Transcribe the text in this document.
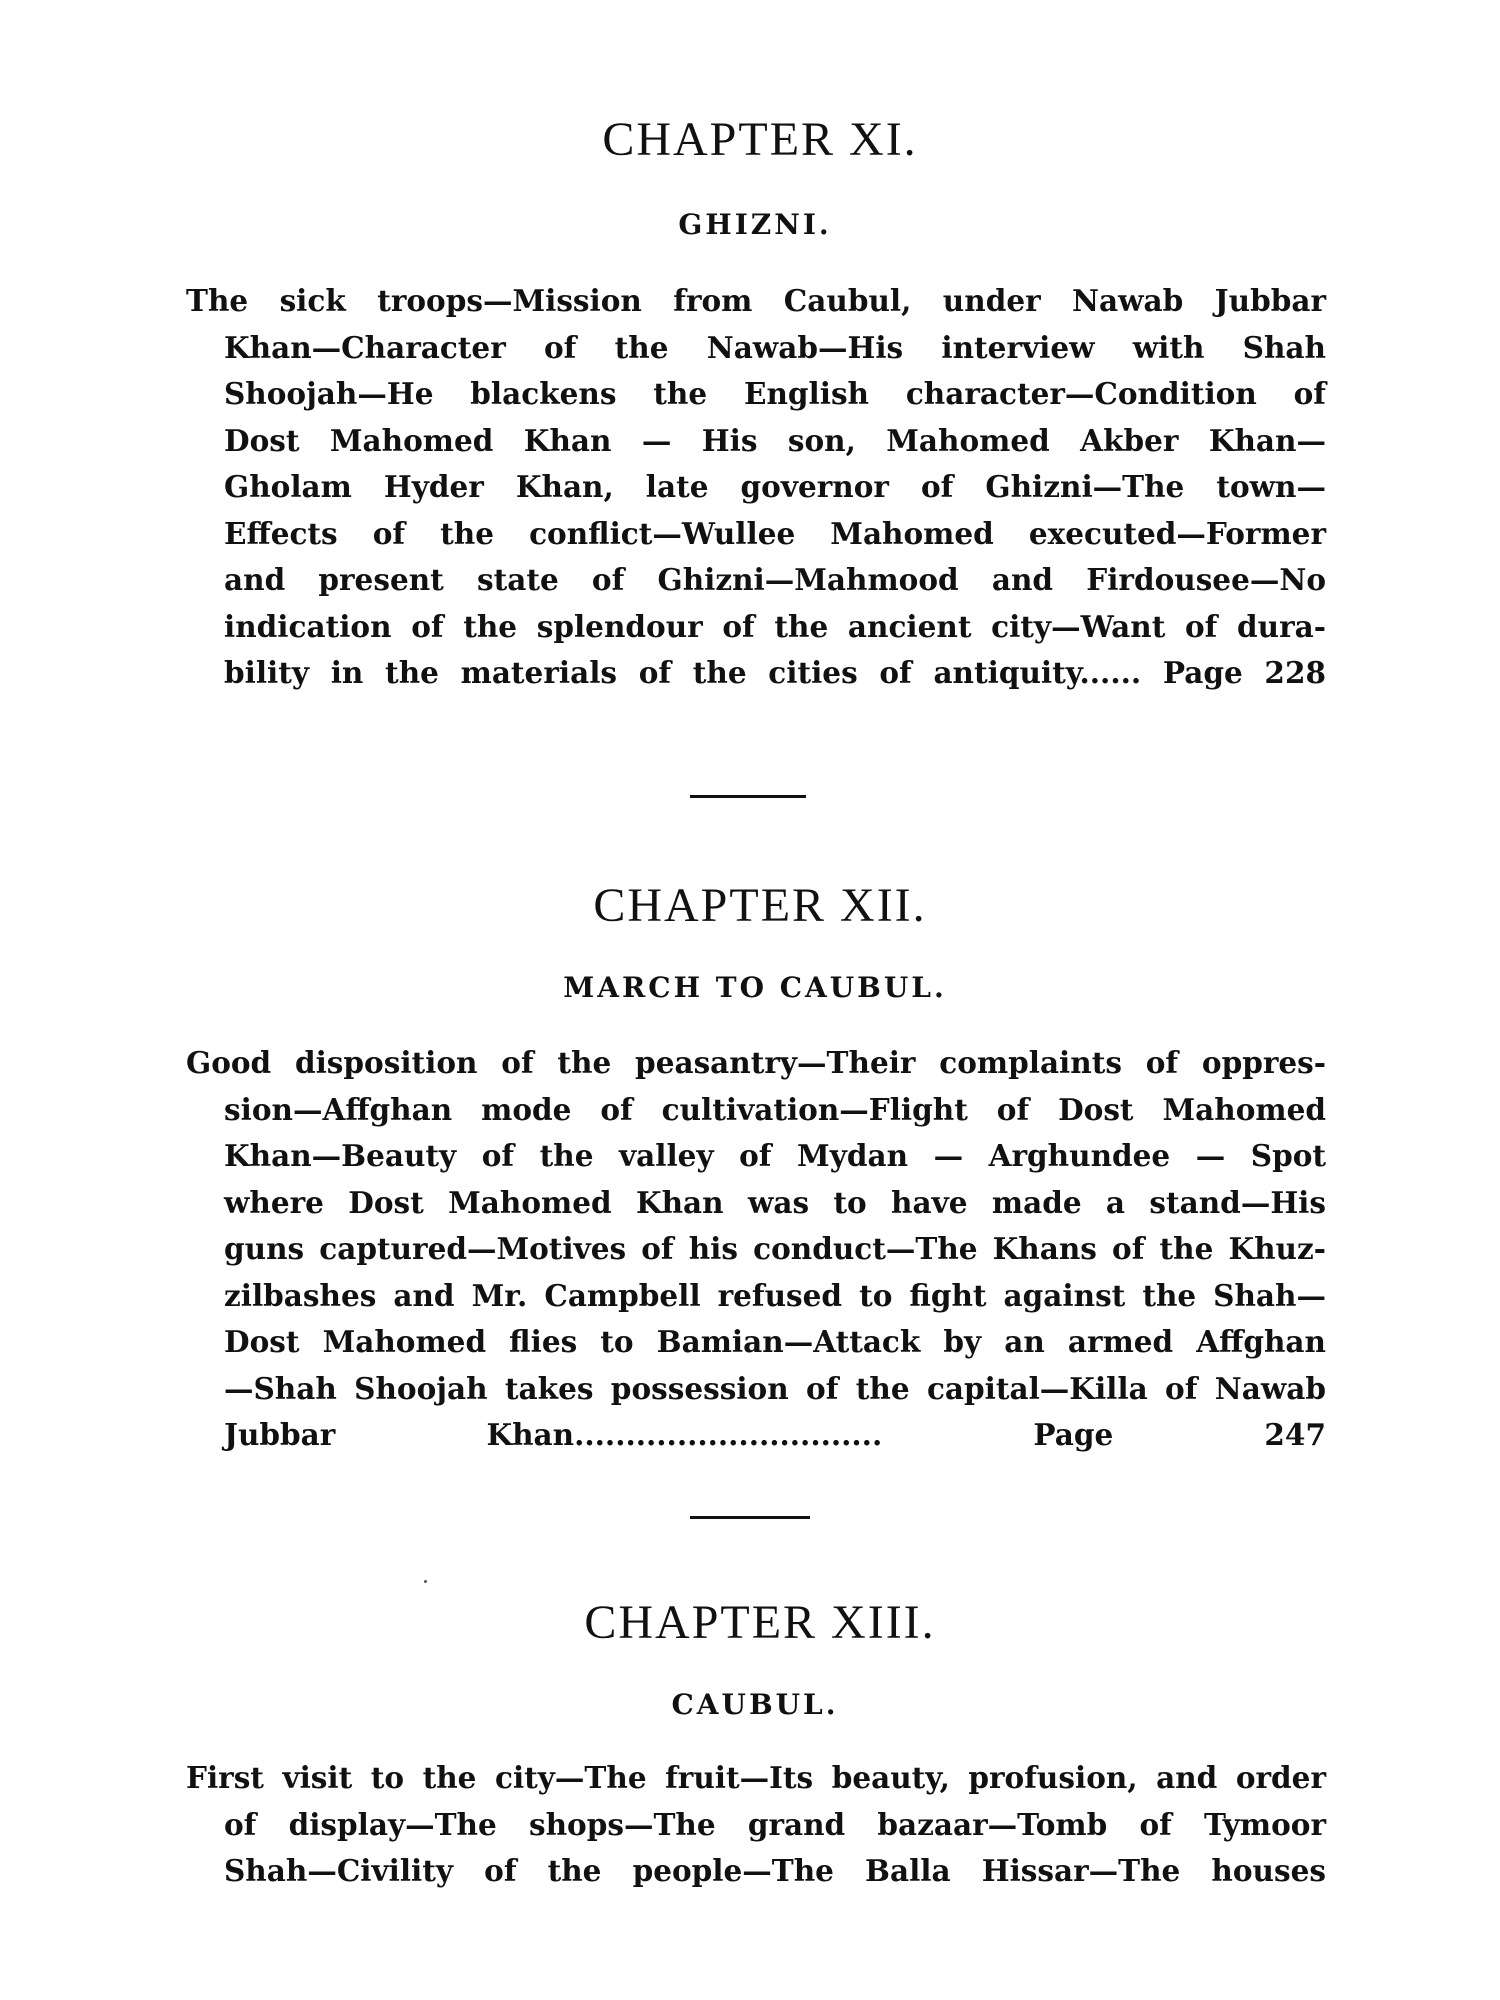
CHAPTER XI.
GHIZNI.
The sick troops—Mission from Caubul, under Nawab Jubbar
Khan—Character of the Nawab—His interview with Shah
Shoojah—He blackens the English character—Condition of
Dost Mahomed Khan — His son, Mahomed Akber Khan—
Gholam Hyder Khan, late governor of Ghizni—The town—
Effects of the conflict—Wullee Mahomed executed—Former
and present state of Ghizni—Mahmood and Firdousee—No
indication of the splendour of the ancient city—Want of dura-
bility in the materials of the cities of antiquity...... Page 228
CHAPTER XII.
MARCH TO CAUBUL.
Good disposition of the peasantry—Their complaints of oppres-
sion—Affghan mode of cultivation—Flight of Dost Mahomed
Khan—Beauty of the valley of Mydan — Arghundee — Spot
where Dost Mahomed Khan was to have made a stand—His
guns captured—Motives of his conduct—The Khans of the Khuz-
zilbashes and Mr. Campbell refused to fight against the Shah—
Dost Mahomed flies to Bamian—Attack by an armed Affghan
—Shah Shoojah takes possession of the capital—Killa of Nawab
Jubbar Khan.............................. Page 247
CHAPTER XIII.
CAUBUL.
First visit to the city—The fruit—Its beauty, profusion, and order
of display—The shops—The grand bazaar—Tomb of Tymoor
Shah—Civility of the people—The Balla Hissar—The houses
